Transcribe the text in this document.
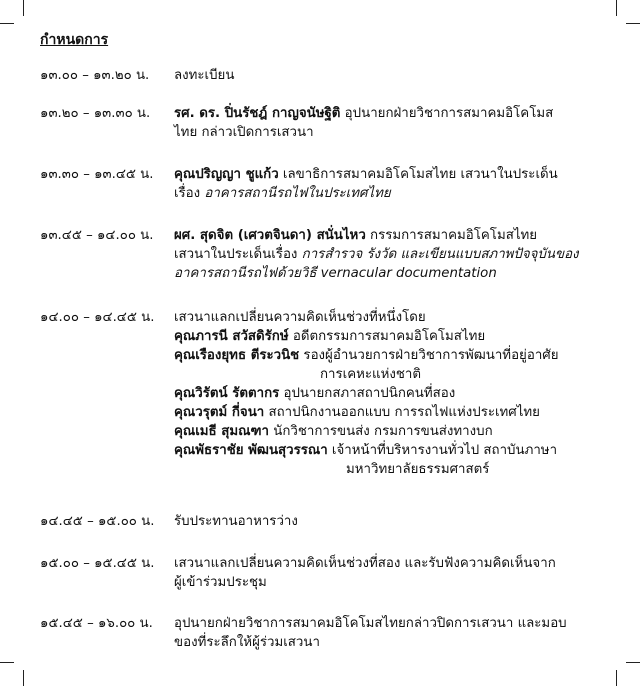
กำหนดการ
๑๓.๐๐ – ๑๓.๒๐ น. ลงทะเบียน
๑๓.๒๐ – ๑๓.๓๐ น. รศ. ดร. ปิ่นรัชฎ์ กาญจนัษฐิติ อุปนายกฝ่ายวิชาการสมาคมอิโคโมส
ไทย กล่าวเปิดการเสวนา
๑๓.๓๐ – ๑๓.๔๕ น. คุณปริญญา ชูแก้ว เลขาธิการสมาคมอิโคโมสไทย เสวนาในประเด็น
เรื่อง อาคารสถานีรถไฟในประเทศไทย
๑๓.๔๕ – ๑๔.๐๐ น. ผศ. สุดจิต (เศวตจินดา) สนั่นไหว กรรมการสมาคมอิโคโมสไทย
เสวนาในประเด็นเรื่อง การสำรวจ รังวัด และเขียนแบบสภาพปัจจุบันของ
อาคารสถานีรถไฟด้วยวิธี vernacular documentation
๑๔.๐๐ – ๑๔.๔๕ น. เสวนาแลกเปลี่ยนความคิดเห็นช่วงที่หนึ่งโดย
คุณภารนี สวัสดิรักษ์ อดีตกรรมการสมาคมอิโคโมสไทย
คุณเรืองยุทธ ตีระวนิช รองผู้อำนวยการฝ่ายวิชาการพัฒนาที่อยู่อาศัย
การเคหะแห่งชาติ
คุณวิรัตน์ รัตตากร อุปนายกสภาสถาปนิกคนที่สอง
คุณวรุตม์ กี่จนา สถาปนิกงานออกแบบ การรถไฟแห่งประเทศไทย
คุณเมธี สุมณฑา นักวิชาการขนส่ง กรมการขนส่งทางบก
คุณพัธราชัย พัฒนสุวรรณา เจ้าหน้าที่บริหารงานทั่วไป สถาบันภาษา
มหาวิทยาลัยธรรมศาสตร์
๑๔.๔๕ – ๑๕.๐๐ น. รับประทานอาหารว่าง
๑๕.๐๐ – ๑๕.๔๕ น. เสวนาแลกเปลี่ยนความคิดเห็นช่วงที่สอง และรับฟังความคิดเห็นจาก
ผู้เข้าร่วมประชุม
๑๕.๔๕ – ๑๖.๐๐ น. อุปนายกฝ่ายวิชาการสมาคมอิโคโมสไทยกล่าวปิดการเสวนา และมอบ
ของที่ระลึกให้ผู้ร่วมเสวนา
